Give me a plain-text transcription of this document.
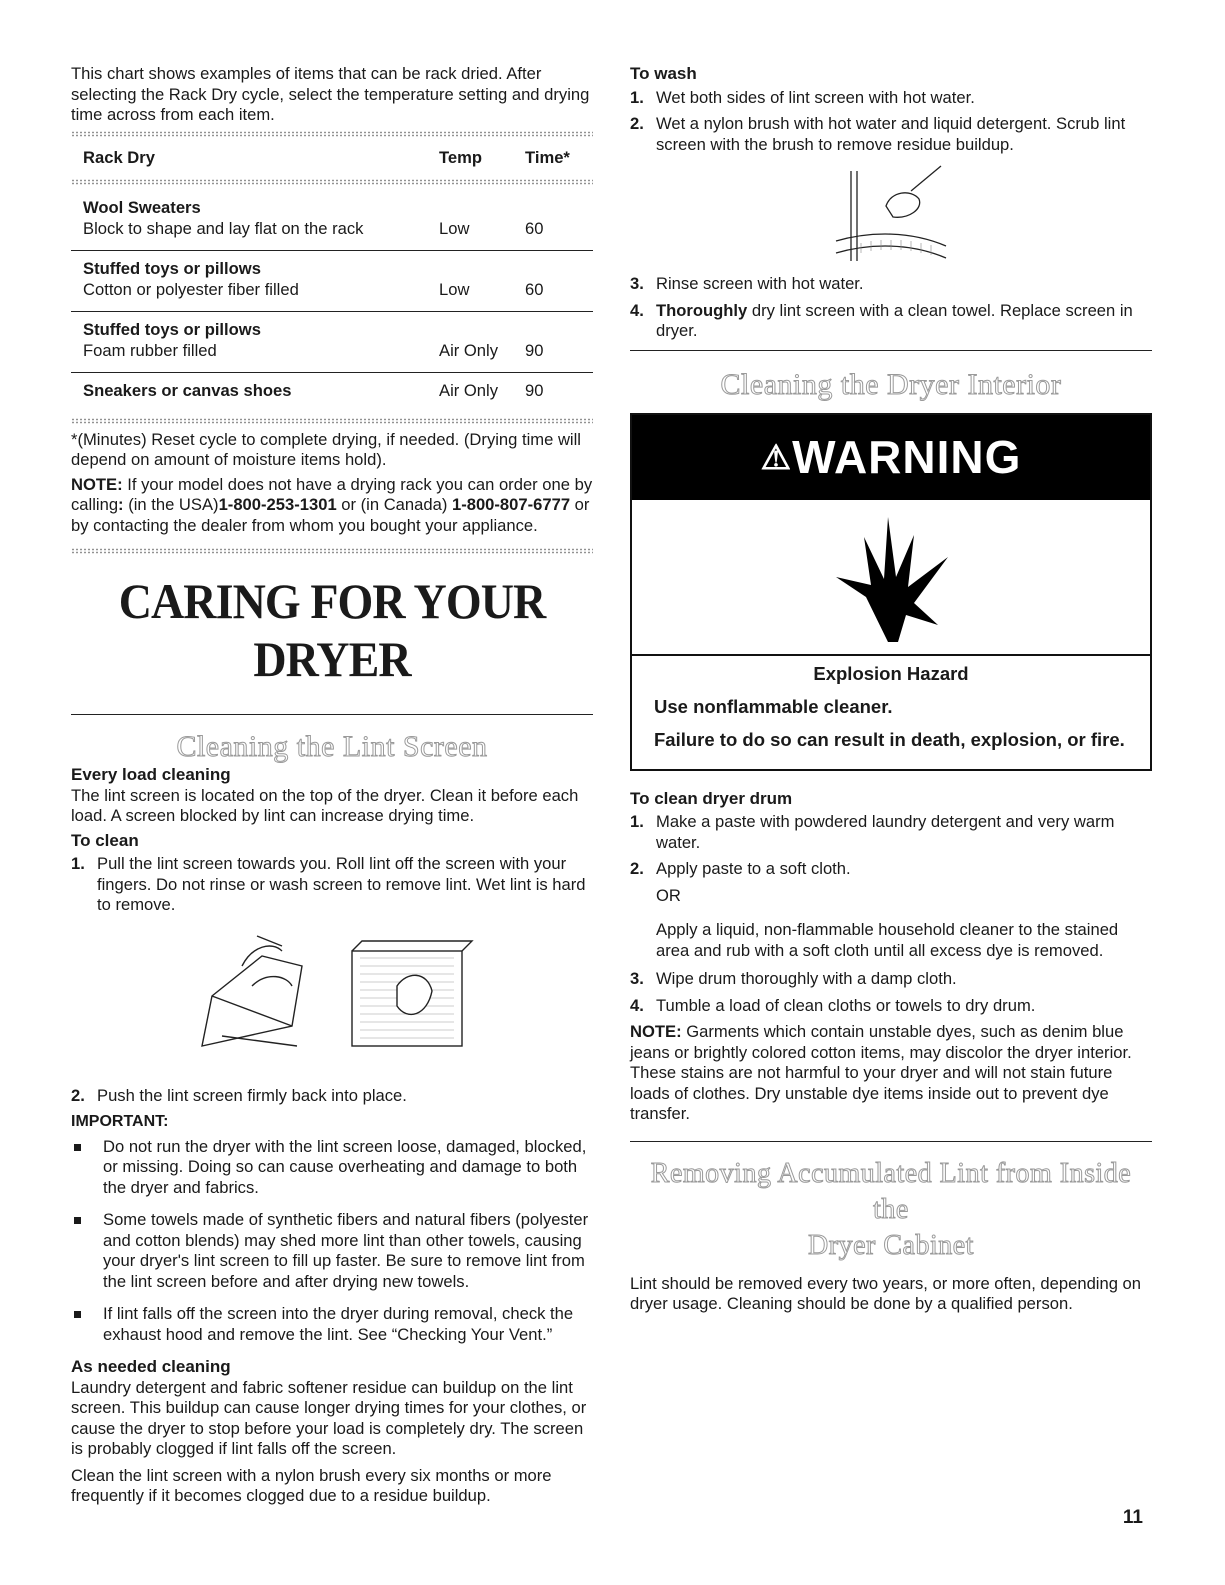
This chart shows examples of items that can be rack dried. After selecting the Rack Dry cycle, select the temperature setting and drying time across from each item.

Rack Dry	Temp	Time*

Wool Sweaters		
Block to shape and lay flat on the rack	Low	60
Stuffed toys or pillows		
Cotton or polyester fiber filled	Low	60
Stuffed toys or pillows		
Foam rubber filled	Air Only	90
Sneakers or canvas shoes	Air Only	90

*(Minutes) Reset cycle to complete drying, if needed. (Drying time will depend on amount of moisture items hold).

NOTE: If your model does not have a drying rack you can order one by calling: (in the USA)1-800-253-1301 or (in Canada) 1-800-807-6777 or by contacting the dealer from whom you bought your appliance.

CARING FOR YOUR DRYER
Cleaning the Lint Screen

Every load cleaning

The lint screen is located on the top of the dryer. Clean it before each load. A screen blocked by lint can increase drying time.

To clean

1. Pull the lint screen towards you. Roll lint off the screen with your fingers. Do not rinse or wash screen to remove lint. Wet lint is hard to remove.
2. Push the lint screen firmly back into place.

IMPORTANT:

Do not run the dryer with the lint screen loose, damaged, blocked, or missing. Doing so can cause overheating and damage to both the dryer and fabrics.
Some towels made of synthetic fibers and natural fibers (polyester and cotton blends) may shed more lint than other towels, causing your dryer's lint screen to fill up faster. Be sure to remove lint from the lint screen before and after drying new towels.
If lint falls off the screen into the dryer during removal, check the exhaust hood and remove the lint. See “Checking Your Vent.”

As needed cleaning

Laundry detergent and fabric softener residue can buildup on the lint screen. This buildup can cause longer drying times for your clothes, or cause the dryer to stop before your load is completely dry. The screen is probably clogged if lint falls off the screen.

Clean the lint screen with a nylon brush every six months or more frequently if it becomes clogged due to a residue buildup.

To wash

1. Wet both sides of lint screen with hot water.
2. Wet a nylon brush with hot water and liquid detergent. Scrub lint screen with the brush to remove residue buildup.
3. Rinse screen with hot water.
4. Thoroughly dry lint screen with a clean towel. Replace screen in dryer.
Cleaning the Dryer Interior
⚠WARNING

Explosion Hazard

Use nonflammable cleaner.

Failure to do so can result in death, explosion, or fire.

To clean dryer drum

1. Make a paste with powdered laundry detergent and very warm water.
2. Apply paste to a soft cloth.

OR

Apply a liquid, non-flammable household cleaner to the stained area and rub with a soft cloth until all excess dye is removed.

3. Wipe drum thoroughly with a damp cloth.
4. Tumble a load of clean cloths or towels to dry drum.

NOTE: Garments which contain unstable dyes, such as denim blue jeans or brightly colored cotton items, may discolor the dryer interior. These stains are not harmful to your dryer and will not stain future loads of clothes. Dry unstable dye items inside out to prevent dye transfer.

Removing Accumulated Lint from Inside the
Dryer Cabinet

Lint should be removed every two years, or more often, depending on dryer usage. Cleaning should be done by a qualified person.

11
